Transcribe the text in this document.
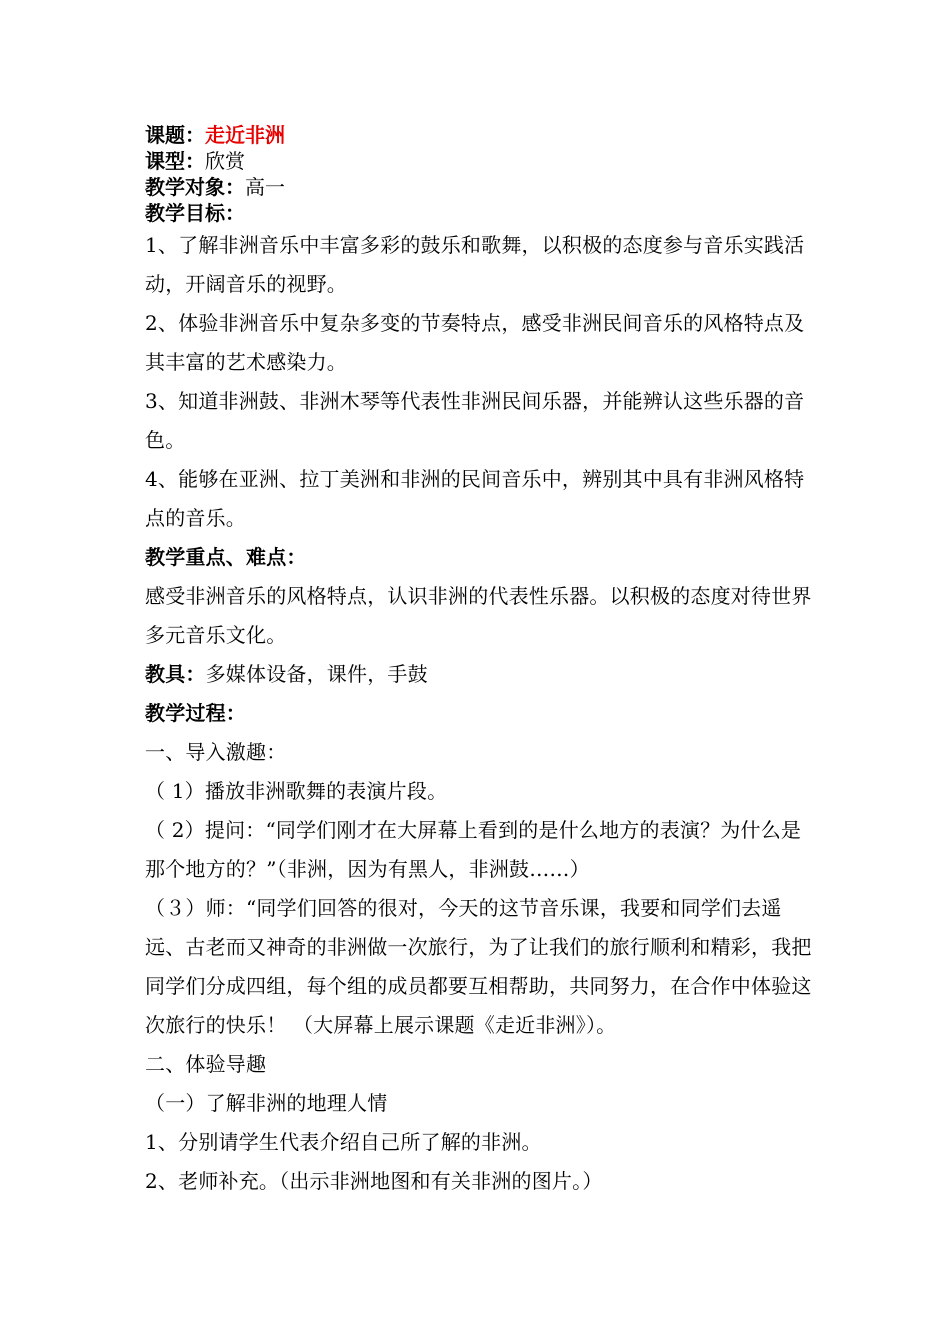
课题：走近非洲
课型：欣赏
教学对象：高一
教学目标：

1、了解非洲音乐中丰富多彩的鼓乐和歌舞，以积极的态度参与音乐实践活动，开阔音乐的视野。

2、体验非洲音乐中复杂多变的节奏特点，感受非洲民间音乐的风格特点及其丰富的艺术感染力。

3、知道非洲鼓、非洲木琴等代表性非洲民间乐器，并能辨认这些乐器的音色。

4、能够在亚洲、拉丁美洲和非洲的民间音乐中，辨别其中具有非洲风格特点的音乐。

教学重点、难点：

感受非洲音乐的风格特点，认识非洲的代表性乐器。以积极的态度对待世界多元音乐文化。

教具：多媒体设备，课件，手鼓

教学过程：

一、导入激趣：

（ 1）播放非洲歌舞的表演片段。

（ 2）提问：“同学们刚才在大屏幕上看到的是什么地方的表演？为什么是那个地方的？”（非洲，因为有黑人，非洲鼓……）

（３）师：“同学们回答的很对，今天的这节音乐课，我要和同学们去遥远、古老而又神奇的非洲做一次旅行，为了让我们的旅行顺利和精彩，我把同学们分成四组，每个组的成员都要互相帮助，共同努力，在合作中体验这次旅行的快乐！ （大屏幕上展示课题《走近非洲》）。

二、体验导趣

（一）了解非洲的地理人情

1、分别请学生代表介绍自己所了解的非洲。

2、老师补充。（出示非洲地图和有关非洲的图片。）
